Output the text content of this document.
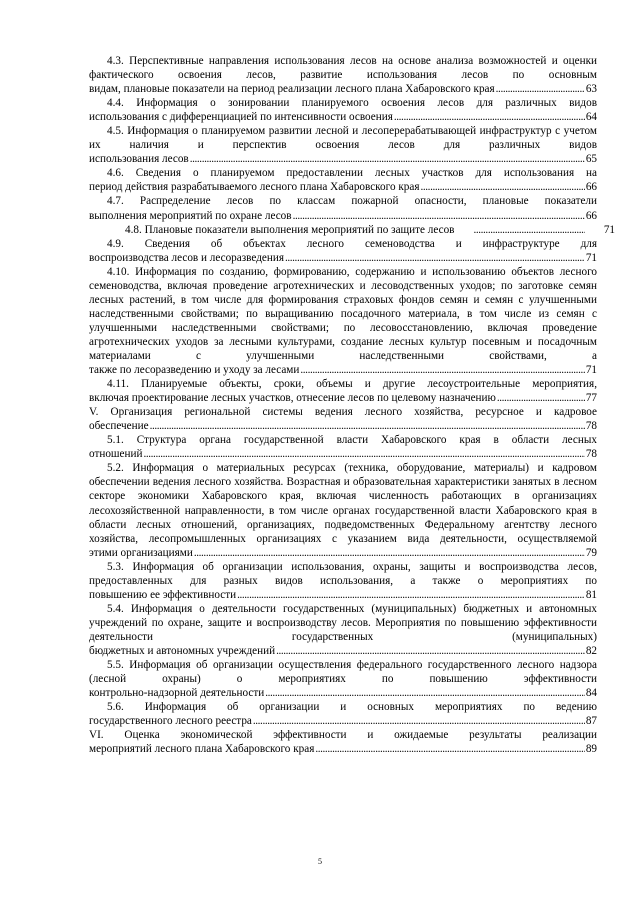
4.3. Перспективные направления использования лесов на основе анализа возможностей и оценки фактического освоения лесов, развитие использования лесов по основным

видам, плановые показатели на период реализации лесного плана Хабаровского края . . .	63

4.4. Информация о зонировании планируемого освоения лесов для различных видов

использования с дифференциацией по интенсивности освоения . . .	64

4.5. Информация о планируемом развитии лесной и лесоперерабатывающей инфраструктур с учетом их наличия и перспектив освоения лесов для различных видов

использования лесов . . .	65

4.6. Сведения о планируемом предоставлении лесных участков для использования на

период действия разрабатываемого лесного плана Хабаровского края . . .	66

4.7. Распределение лесов по классам пожарной опасности, плановые показатели

выполнения мероприятий по охране лесов . . .	66
4.8. Плановые показатели выполнения мероприятий по защите лесов . . .	71

4.9. Сведения об объектах лесного семеноводства и инфраструктуре для

воспроизводства лесов и лесоразведения . . .	71

4.10. Информация по созданию, формированию, содержанию и использованию объектов лесного семеноводства, включая проведение агротехнических и лесоводственных уходов; по заготовке семян лесных растений, в том числе для формирования страховых фондов семян и семян с улучшенными наследственными свойствами; по выращиванию посадочного материала, в том числе из семян с улучшенными наследственными свойствами; по лесовосстановлению, включая проведение агротехнических уходов за лесными культурами, создание лесных культур посевным и посадочным материалами с улучшенными наследственными свойствами, а

также по лесоразведению и уходу за лесами . . .	71

4.11. Планируемые объекты, сроки, объемы и другие лесоустроительные мероприятия,

включая проектирование лесных участков, отнесение лесов по целевому назначению . . .	77

V. Организация региональной системы ведения лесного хозяйства, ресурсное и кадровое

обеспечение . . .	78

5.1. Структура органа государственной власти Хабаровского края в области лесных

отношений . . .	78

5.2. Информация о материальных ресурсах (техника, оборудование, материалы) и кадровом обеспечении ведения лесного хозяйства. Возрастная и образовательная характеристики занятых в лесном секторе экономики Хабаровского края, включая численность работающих в организациях лесохозяйственной направленности, в том числе органах государственной власти Хабаровского края в области лесных отношений, организациях, подведомственных Федеральному агентству лесного хозяйства, лесопромышленных организациях с указанием вида деятельности, осуществляемой

этими организациями . . .	79

5.3. Информация об организации использования, охраны, защиты и воспроизводства лесов, предоставленных для разных видов использования, а также о мероприятиях по

повышению ее эффективности . . .	81

5.4. Информация о деятельности государственных (муниципальных) бюджетных и автономных учреждений по охране, защите и воспроизводству лесов. Мероприятия по повышению эффективности деятельности государственных (муниципальных)

бюджетных и автономных учреждений . . .	82

5.5. Информация об организации осуществления федерального государственного лесного надзора (лесной охраны) о мероприятиях по повышению эффективности

контрольно-надзорной деятельности . . .	84

5.6. Информация об организации и основных мероприятиях по ведению

государственного лесного реестра . . .	87

VI. Оценка экономической эффективности и ожидаемые результаты реализации

мероприятий лесного плана Хабаровского края . . .	89
5
